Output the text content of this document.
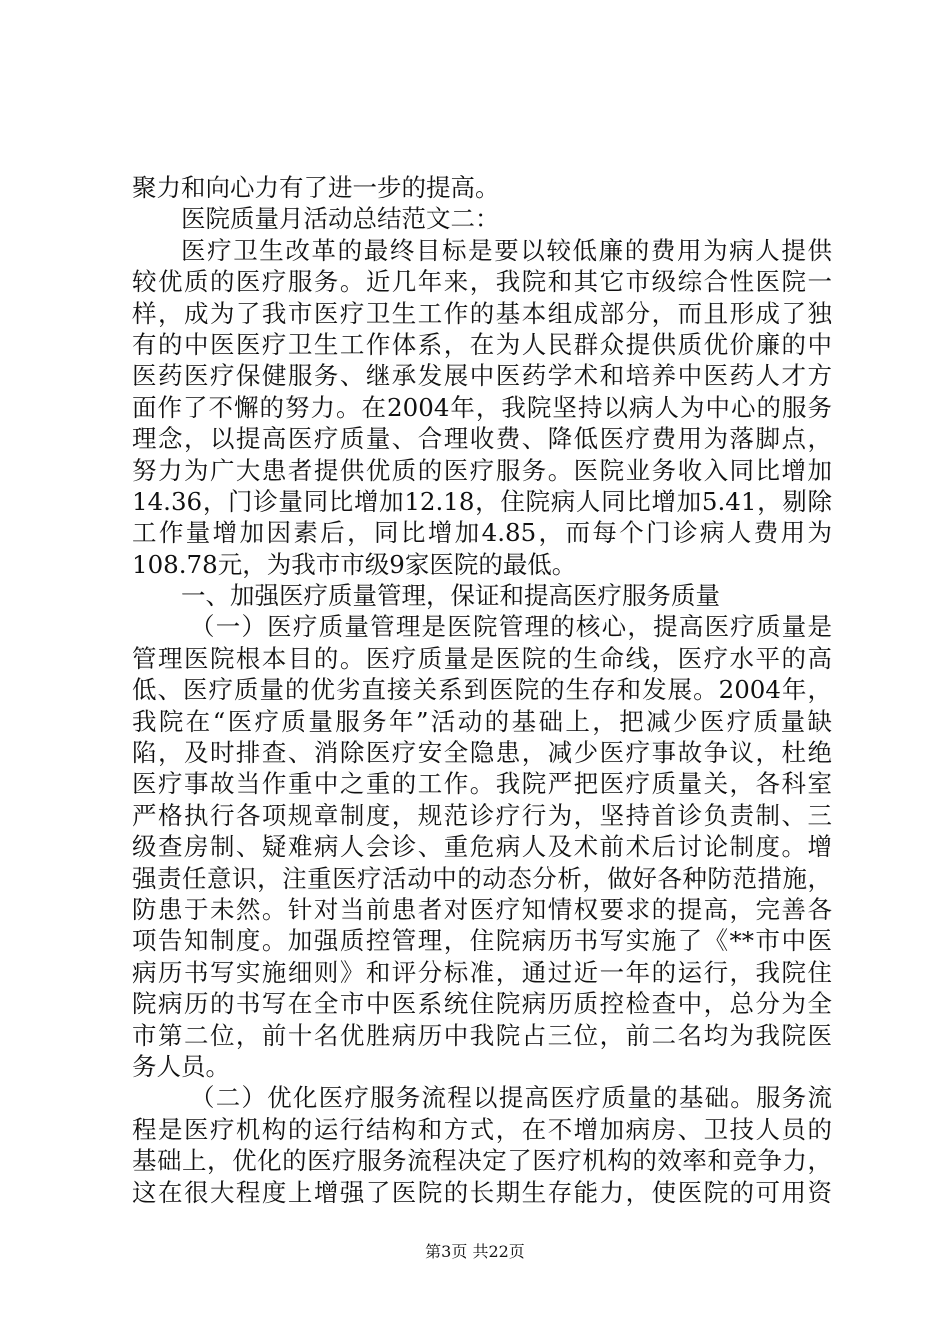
聚力和向心力有了进一步的提高。
医院质量月活动总结范文二：
医疗卫生改革的最终目标是要以较低廉的费用为病人提供
较优质的医疗服务。近几年来，我院和其它市级综合性医院一
样，成为了我市医疗卫生工作的基本组成部分，而且形成了独
有的中医医疗卫生工作体系，在为人民群众提供质优价廉的中
医药医疗保健服务、继承发展中医药学术和培养中医药人才方
面作了不懈的努力。在2004年，我院坚持以病人为中心的服务
理念，以提高医疗质量、合理收费、降低医疗费用为落脚点，
努力为广大患者提供优质的医疗服务。医院业务收入同比增加
14.36，门诊量同比增加12.18，住院病人同比增加5.41，剔除
工作量增加因素后，同比增加4.85，而每个门诊病人费用为
108.78元，为我市市级9家医院的最低。
一、加强医疗质量管理，保证和提高医疗服务质量
（一）医疗质量管理是医院管理的核心，提高医疗质量是
管理医院根本目的。医疗质量是医院的生命线，医疗水平的高
低、医疗质量的优劣直接关系到医院的生存和发展。2004年，
我院在“医疗质量服务年”活动的基础上，把减少医疗质量缺
陷，及时排查、消除医疗安全隐患，减少医疗事故争议，杜绝
医疗事故当作重中之重的工作。我院严把医疗质量关，各科室
严格执行各项规章制度，规范诊疗行为，坚持首诊负责制、三
级查房制、疑难病人会诊、重危病人及术前术后讨论制度。增
强责任意识，注重医疗活动中的动态分析，做好各种防范措施，
防患于未然。针对当前患者对医疗知情权要求的提高，完善各
项告知制度。加强质控管理，住院病历书写实施了《**市中医
病历书写实施细则》和评分标准，通过近一年的运行，我院住
院病历的书写在全市中医系统住院病历质控检查中，总分为全
市第二位，前十名优胜病历中我院占三位，前二名均为我院医
务人员。
（二）优化医疗服务流程以提高医疗质量的基础。服务流
程是医疗机构的运行结构和方式，在不增加病房、卫技人员的
基础上，优化的医疗服务流程决定了医疗机构的效率和竞争力，
这在很大程度上增强了医院的长期生存能力，使医院的可用资
第3页 共22页
